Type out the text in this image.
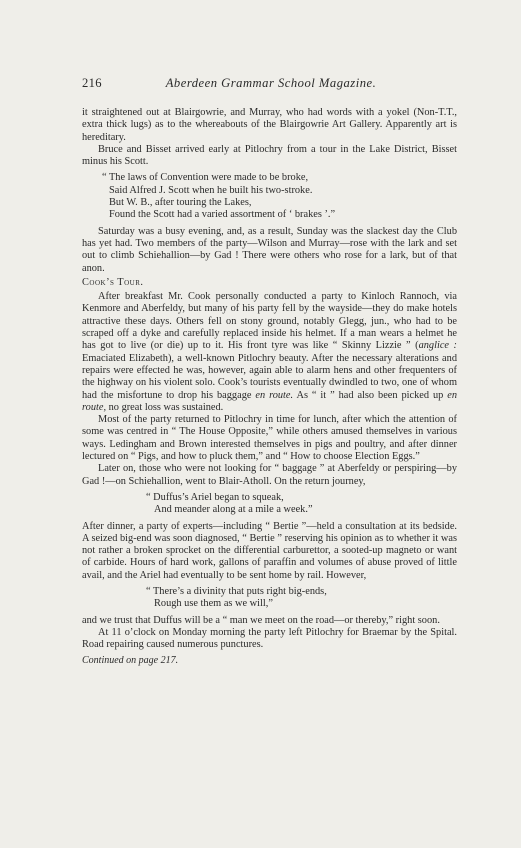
216	Aberdeen Grammar School Magazine.

it straightened out at Blairgowrie, and Murray, who had words with a yokel (Non-T.T., extra thick lugs) as to the whereabouts of the Blairgowrie Art Gallery. Apparently art is hereditary.

Bruce and Bisset arrived early at Pitlochry from a tour in the Lake District, Bisset minus his Scott.

“ The laws of Convention were made to be broke,
Said Alfred J. Scott when he built his two-stroke.
But W. B., after touring the Lakes,
Found the Scott had a varied assortment of ‘ brakes ’.”

Saturday was a busy evening, and, as a result, Sunday was the slackest day the Club has yet had. Two members of the party—Wilson and Murray—rose with the lark and set out to climb Schiehallion—by Gad ! There were others who rose for a lark, but of that anon.

Cook’s Tour.

After breakfast Mr. Cook personally conducted a party to Kinloch Rannoch, via Kenmore and Aberfeldy, but many of his party fell by the wayside—they do make hotels attractive these days. Others fell on stony ground, notably Glegg, jun., who had to be scraped off a dyke and carefully replaced inside his helmet. If a man wears a helmet he has got to live (or die) up to it. His front tyre was like “ Skinny Lizzie ” (anglice : Emaciated Elizabeth), a well-known Pitlochry beauty. After the necessary alterations and repairs were effected he was, however, again able to alarm hens and other frequenters of the highway on his violent solo. Cook’s tourists eventually dwindled to two, one of whom had the misfortune to drop his baggage en route. As “ it ” had also been picked up en route, no great loss was sustained.

Most of the party returned to Pitlochry in time for lunch, after which the attention of some was centred in “ The House Opposite,” while others amused themselves in various ways. Ledingham and Brown interested themselves in pigs and poultry, and after dinner lectured on “ Pigs, and how to pluck them,” and “ How to choose Election Eggs.”

Later on, those who were not looking for “ baggage ” at Aberfeldy or perspiring—by Gad !—on Schiehallion, went to Blair-Atholl. On the return journey,

“ Duffus’s Ariel began to squeak,
And meander along at a mile a week.”

After dinner, a party of experts—including “ Bertie ”—held a consultation at its bedside. A seized big-end was soon diagnosed, “ Bertie ” reserving his opinion as to whether it was not rather a broken sprocket on the differential carburettor, a sooted-up magneto or want of carbide. Hours of hard work, gallons of paraffin and volumes of abuse proved of little avail, and the Ariel had eventually to be sent home by rail. However,

“ There’s a divinity that puts right big-ends,
Rough use them as we will,”

and we trust that Duffus will be a “ man we meet on the road—or thereby,” right soon.

At 11 o’clock on Monday morning the party left Pitlochry for Braemar by the Spital. Road repairing caused numerous punctures.

Continued on page 217.
